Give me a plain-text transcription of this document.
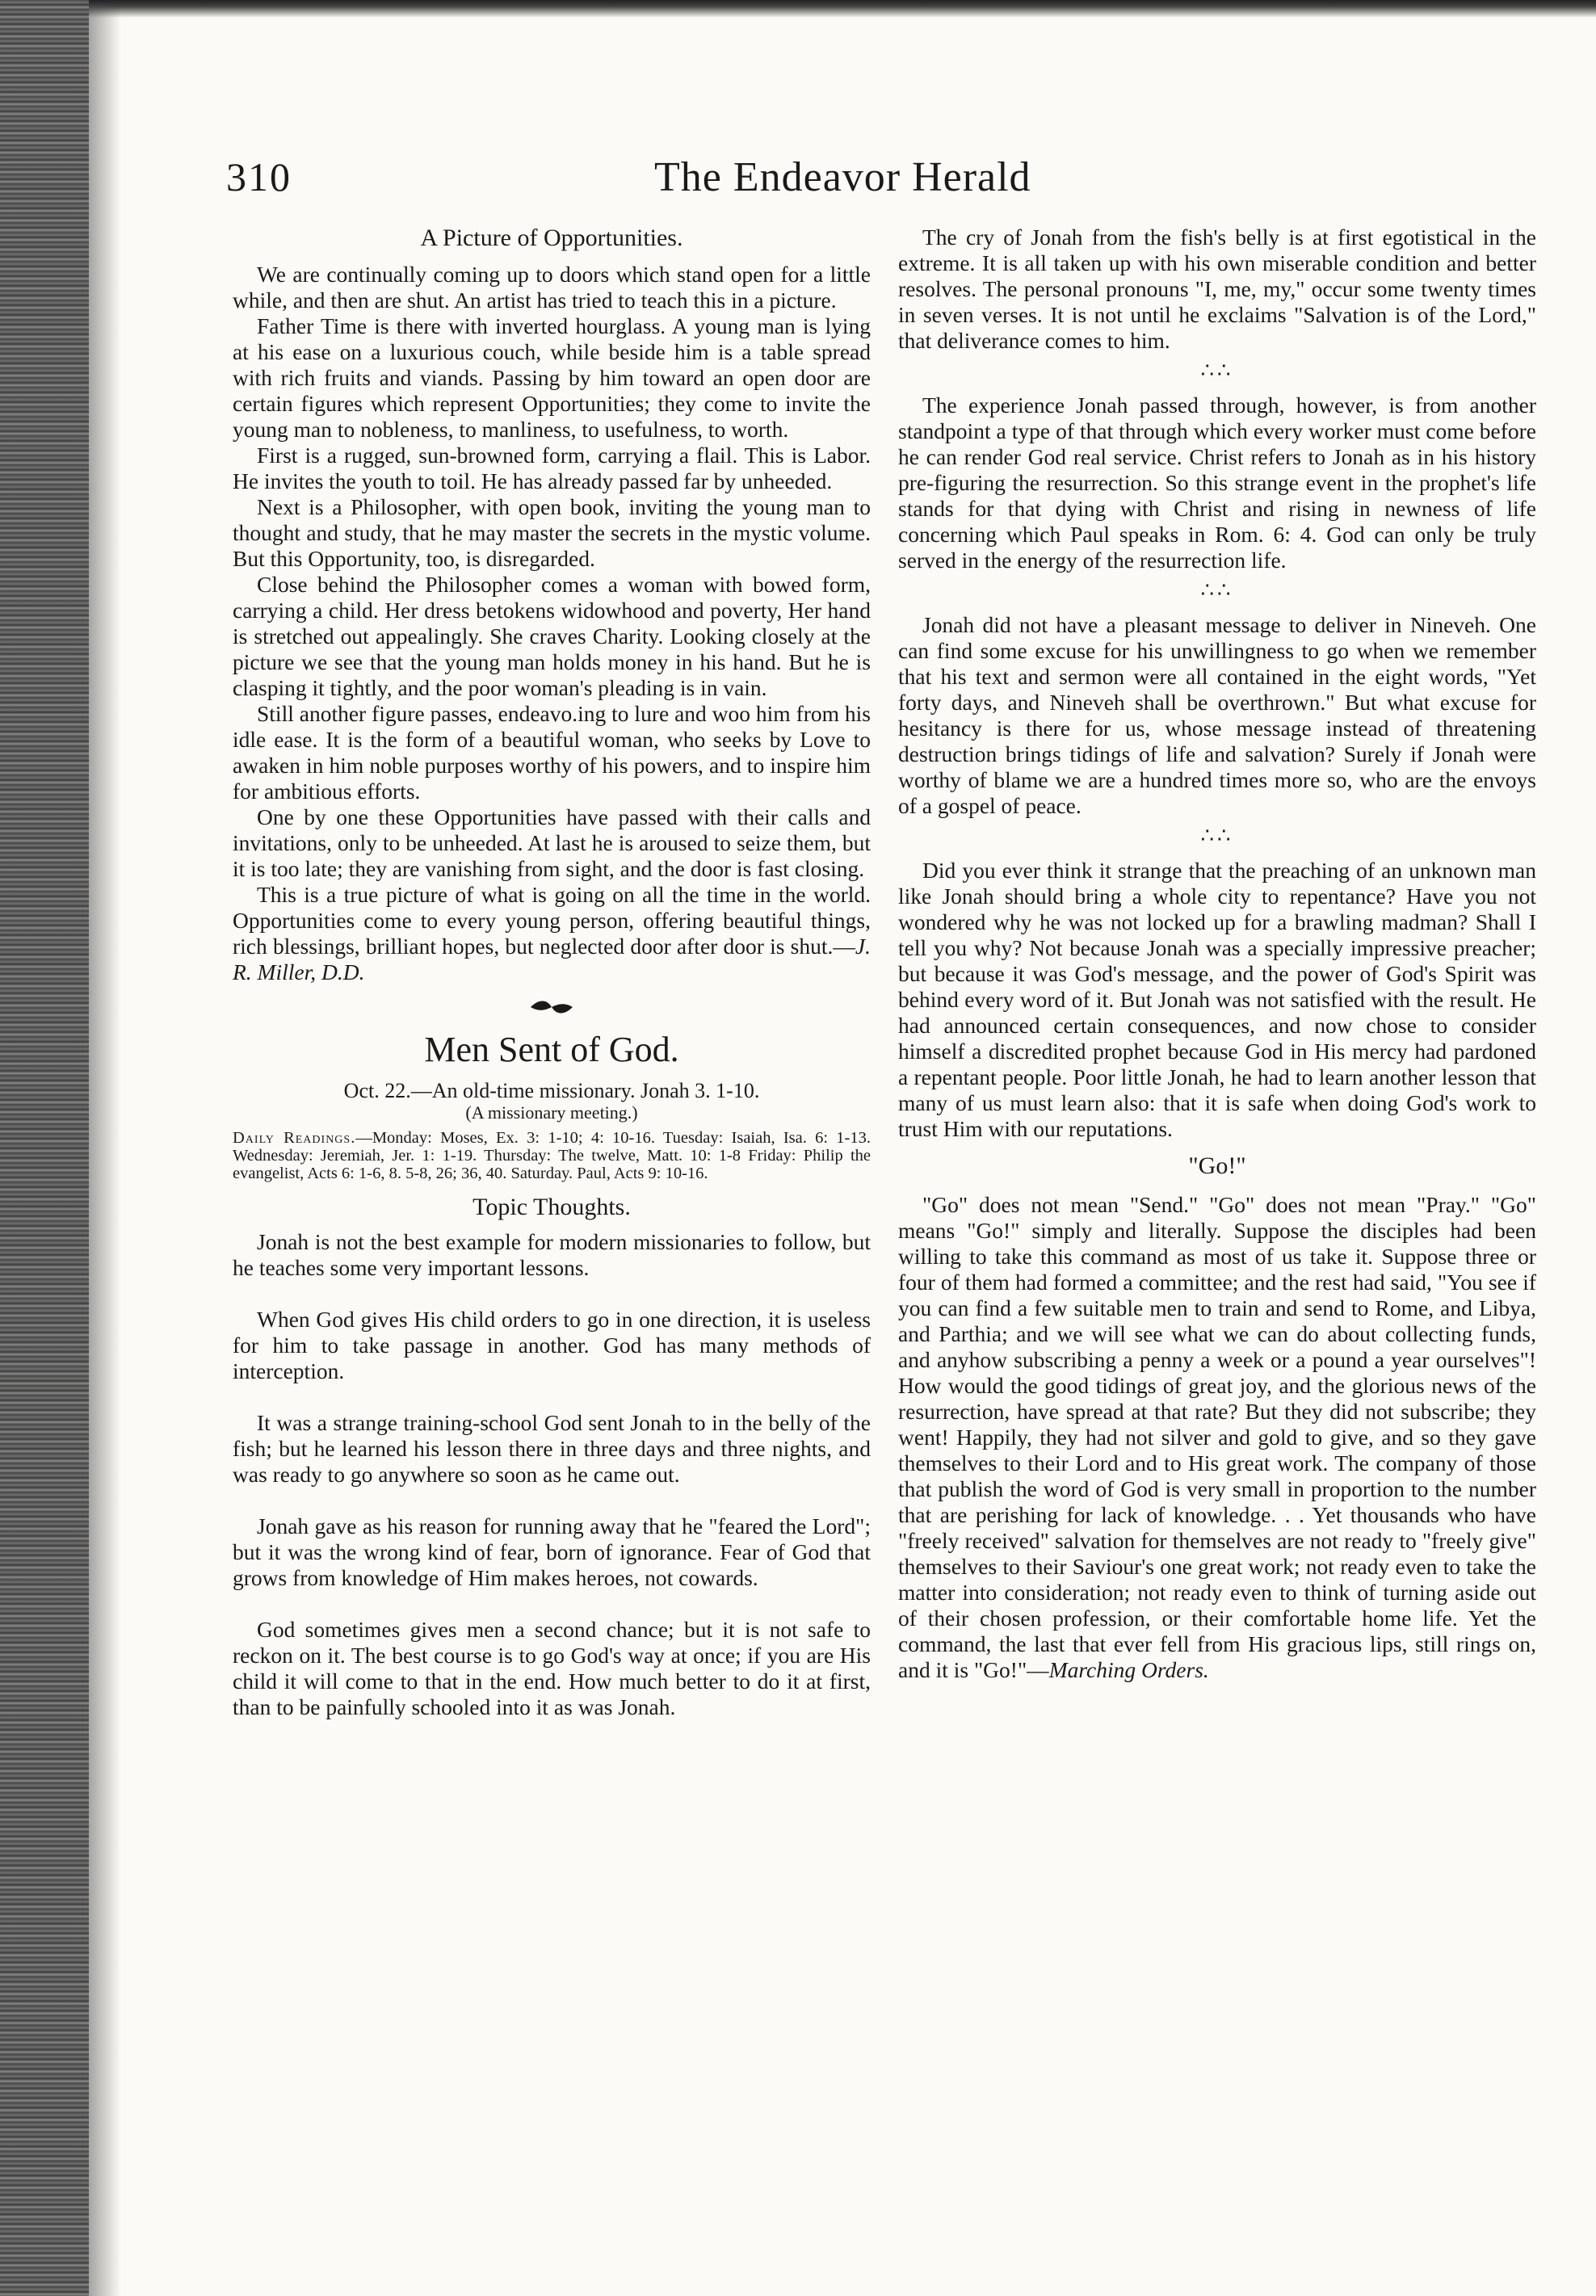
310	The Endeavor Herald
A Picture of Opportunities.

We are continually coming up to doors which stand open for a little while, and then are shut. An artist has tried to teach this in a picture.

Father Time is there with inverted hourglass. A young man is lying at his ease on a luxurious couch, while beside him is a table spread with rich fruits and viands. Passing by him toward an open door are certain figures which represent Opportunities; they come to invite the young man to nobleness, to manliness, to usefulness, to worth.

First is a rugged, sun-browned form, carrying a flail. This is Labor. He invites the youth to toil. He has already passed far by unheeded.

Next is a Philosopher, with open book, inviting the young man to thought and study, that he may master the secrets in the mystic volume. But this Opportunity, too, is disregarded.

Close behind the Philosopher comes a woman with bowed form, carrying a child. Her dress betokens widowhood and poverty, Her hand is stretched out appealingly. She craves Charity. Looking closely at the picture we see that the young man holds money in his hand. But he is clasping it tightly, and the poor woman's pleading is in vain.

Still another figure passes, endeavo.ing to lure and woo him from his idle ease. It is the form of a beautiful woman, who seeks by Love to awaken in him noble purposes worthy of his powers, and to inspire him for ambitious efforts.

One by one these Opportunities have passed with their calls and invitations, only to be unheeded. At last he is aroused to seize them, but it is too late; they are vanishing from sight, and the door is fast closing.

This is a true picture of what is going on all the time in the world. Opportunities come to every young person, offering beautiful things, rich blessings, brilliant hopes, but neglected door after door is shut.—J. R. Miller, D.D.

Men Sent of God.

Oct. 22.—An old-time missionary. Jonah 3. 1-10.

(A missionary meeting.)

Daily Readings.—Monday: Moses, Ex. 3: 1-10; 4: 10-16. Tuesday: Isaiah, Isa. 6: 1-13. Wednesday: Jeremiah, Jer. 1: 1-19. Thursday: The twelve, Matt. 10: 1-8 Friday: Philip the evangelist, Acts 6: 1-6, 8. 5-8, 26; 36, 40. Saturday. Paul, Acts 9: 10-16.

Topic Thoughts.

Jonah is not the best example for modern missionaries to follow, but he teaches some very important lessons.

When God gives His child orders to go in one direction, it is useless for him to take passage in another. God has many methods of interception.

It was a strange training-school God sent Jonah to in the belly of the fish; but he learned his lesson there in three days and three nights, and was ready to go anywhere so soon as he came out.

Jonah gave as his reason for running away that he "feared the Lord"; but it was the wrong kind of fear, born of ignorance. Fear of God that grows from knowledge of Him makes heroes, not cowards.

God sometimes gives men a second chance; but it is not safe to reckon on it. The best course is to go God's way at once; if you are His child it will come to that in the end. How much better to do it at first, than to be painfully schooled into it as was Jonah.

The cry of Jonah from the fish's belly is at first egotistical in the extreme. It is all taken up with his own miserable condition and better resolves. The personal pronouns "I, me, my," occur some twenty times in seven verses. It is not until he exclaims "Salvation is of the Lord," that deliverance comes to him.

∴∴

The experience Jonah passed through, however, is from another standpoint a type of that through which every worker must come before he can render God real service. Christ refers to Jonah as in his history pre-figuring the resurrection. So this strange event in the prophet's life stands for that dying with Christ and rising in newness of life concerning which Paul speaks in Rom. 6: 4. God can only be truly served in the energy of the resurrection life.

∴∴

Jonah did not have a pleasant message to deliver in Nineveh. One can find some excuse for his unwillingness to go when we remember that his text and sermon were all contained in the eight words, "Yet forty days, and Nineveh shall be overthrown." But what excuse for hesitancy is there for us, whose message instead of threatening destruction brings tidings of life and salvation? Surely if Jonah were worthy of blame we are a hundred times more so, who are the envoys of a gospel of peace.

∴∴

Did you ever think it strange that the preaching of an unknown man like Jonah should bring a whole city to repentance? Have you not wondered why he was not locked up for a brawling madman? Shall I tell you why? Not because Jonah was a specially impressive preacher; but because it was God's message, and the power of God's Spirit was behind every word of it. But Jonah was not satisfied with the result. He had announced certain consequences, and now chose to consider himself a discredited prophet because God in His mercy had pardoned a repentant people. Poor little Jonah, he had to learn another lesson that many of us must learn also: that it is safe when doing God's work to trust Him with our reputations.

"Go!"

"Go" does not mean "Send." "Go" does not mean "Pray." "Go" means "Go!" simply and literally. Suppose the disciples had been willing to take this command as most of us take it. Suppose three or four of them had formed a committee; and the rest had said, "You see if you can find a few suitable men to train and send to Rome, and Libya, and Parthia; and we will see what we can do about collecting funds, and anyhow subscribing a penny a week or a pound a year ourselves"! How would the good tidings of great joy, and the glorious news of the resurrection, have spread at that rate? But they did not subscribe; they went! Happily, they had not silver and gold to give, and so they gave themselves to their Lord and to His great work. The company of those that publish the word of God is very small in proportion to the number that are perishing for lack of knowledge. . . Yet thousands who have "freely received" salvation for themselves are not ready to "freely give" themselves to their Saviour's one great work; not ready even to take the matter into consideration; not ready even to think of turning aside out of their chosen profession, or their comfortable home life. Yet the command, the last that ever fell from His gracious lips, still rings on, and it is "Go!"—Marching Orders.
